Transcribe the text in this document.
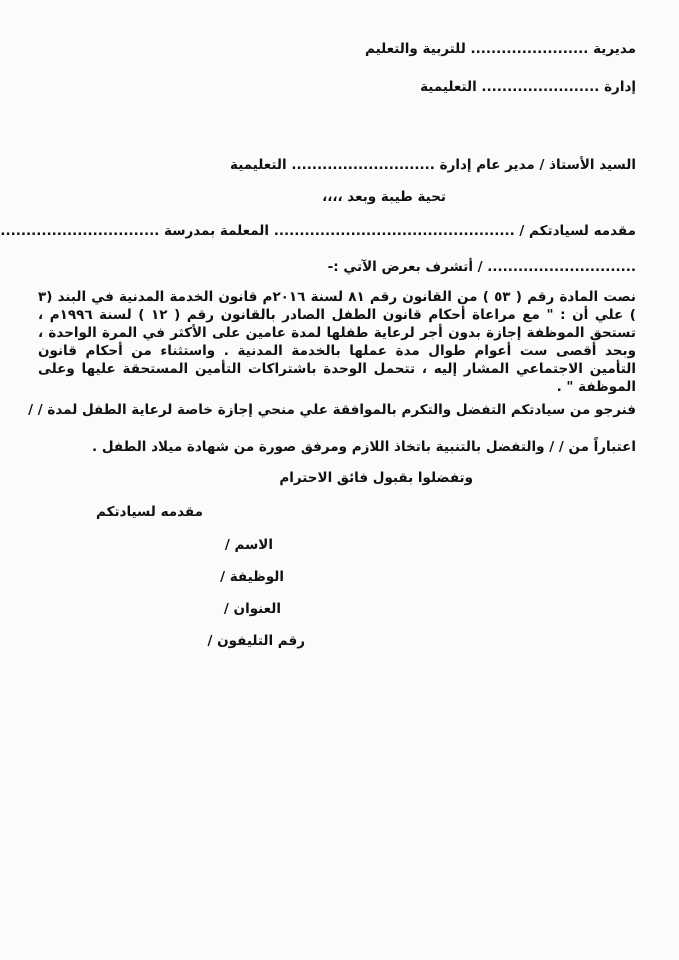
مديرية ....................... للتربية والتعليم
إدارة ....................... التعليمية
السيد الأستاذ / مدير عام إدارة ............................ التعليمية
تحية طيبة وبعد ،،،،
مقدمه لسيادتكم / ............................................... المعلمة بمدرسة ...............................
............................. / أتشرف بعرض الآتي :-
نصت المادة رقم ( ٥٣ ) من القانون رقم ٨١ لسنة ٢٠١٦م قانون الخدمة المدنية في البند (٣ ) علي أن : " مع مراعاة أحكام قانون الطفل الصادر بالقانون رقم ( ١٢ ) لسنة ١٩٩٦م ، تستحق الموظفة إجازة بدون أجر لرعاية طفلها لمدة عامين على الأكثر في المرة الواحدة ، وبحد أقصى ست أعوام طوال مدة عملها بالخدمة المدنية . واستثناء من أحكام قانون التأمين الاجتماعي المشار إليه ، تتحمل الوحدة باشتراكات التأمين المستحقة عليها وعلى الموظفة " .
فنرجو من سيادتكم التفضل والتكرم بالموافقة علي منحي إجازة خاصة لرعاية الطفل لمدة / /
اعتباراً من / / والتفضل بالتنبية باتخاذ اللازم ومرفق صورة من شهادة ميلاد الطفل .
وتفضلوا بقبول فائق الاحترام
مقدمه لسيادتكم
الاسم /
الوظيفة /
العنوان /
رقم التليفون /
